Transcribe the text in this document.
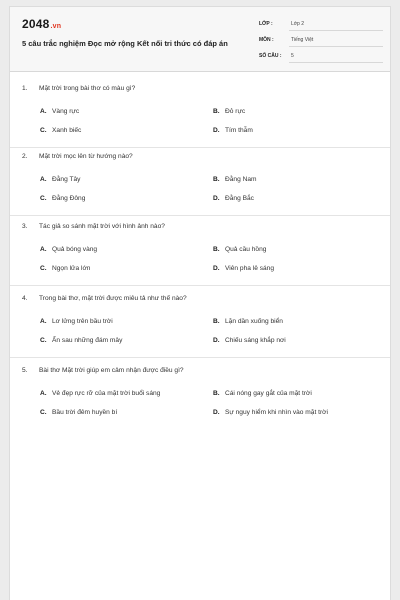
2048.vn
5 câu trắc nghiệm Đọc mở rộng Kết nối tri thức có đáp án
LỚP :	Lớp 2
MÔN :	Tiếng Việt
SỐ CÂU : 5
1. Mặt trời trong bài thơ có màu gì?
A. Vàng rực	B. Đỏ rực
C. Xanh biếc	D. Tím thẫm
2. Mặt trời mọc lên từ hướng nào?
A. Đằng Tây	B. Đằng Nam
C. Đằng Đông	D. Đằng Bắc
3. Tác giả so sánh mặt trời với hình ảnh nào?
A. Quả bóng vàng	B. Quả cầu hồng
C. Ngọn lửa lớn	D. Viên pha lê sáng
4. Trong bài thơ, mặt trời được miêu tả như thế nào?
A. Lơ lửng trên bầu trời	B. Lặn dần xuống biển
C. Ẩn sau những đám mây	D. Chiếu sáng khắp nơi
5. Bài thơ Mặt trời giúp em cảm nhận được điều gì?
A. Vẻ đẹp rực rỡ của mặt trời buổi sáng	B. Cái nóng gay gắt của mặt trời
C. Bầu trời đêm huyền bí	D. Sự nguy hiểm khi nhìn vào mặt trời
